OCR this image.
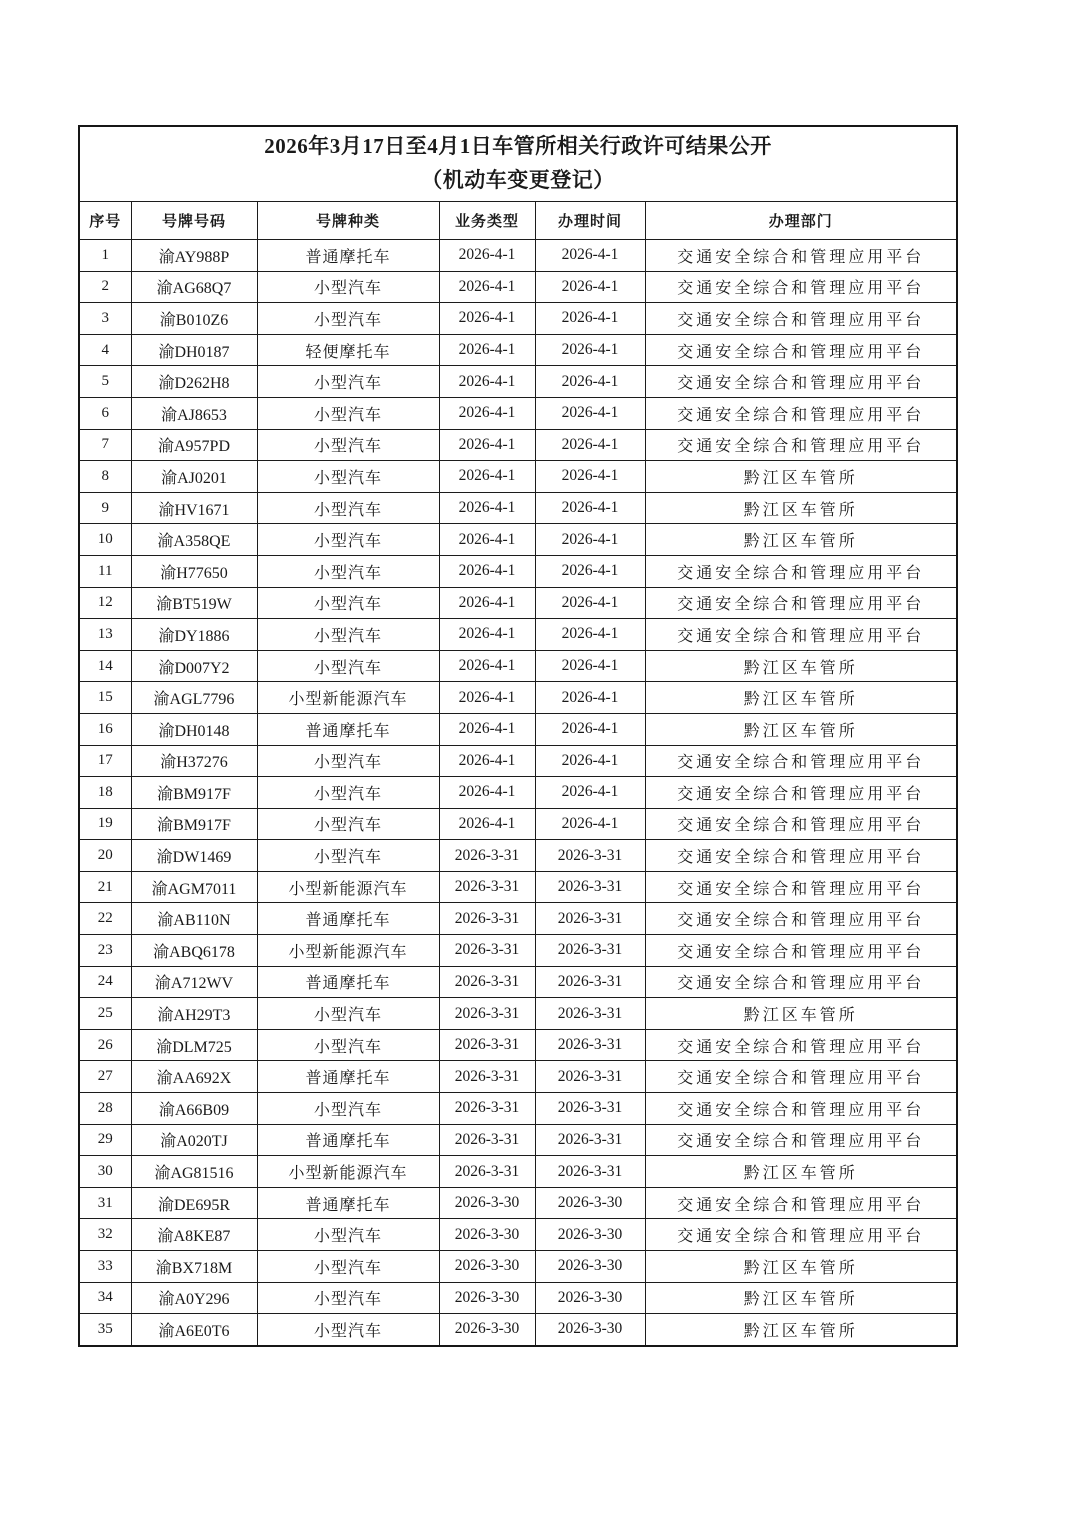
2026年3月17日至4月1日车管所相关行政许可结果公开
（机动车变更登记）					

序号	号牌号码	号牌种类	业务类型	办理时间	办理部门
1	渝AY988P	普通摩托车	2026-4-1	2026-4-1	交通安全综合和管理应用平台
2	渝AG68Q7	小型汽车	2026-4-1	2026-4-1	交通安全综合和管理应用平台
3	渝B010Z6	小型汽车	2026-4-1	2026-4-1	交通安全综合和管理应用平台
4	渝DH0187	轻便摩托车	2026-4-1	2026-4-1	交通安全综合和管理应用平台
5	渝D262H8	小型汽车	2026-4-1	2026-4-1	交通安全综合和管理应用平台
6	渝AJ8653	小型汽车	2026-4-1	2026-4-1	交通安全综合和管理应用平台
7	渝A957PD	小型汽车	2026-4-1	2026-4-1	交通安全综合和管理应用平台
8	渝AJ0201	小型汽车	2026-4-1	2026-4-1	黔江区车管所
9	渝HV1671	小型汽车	2026-4-1	2026-4-1	黔江区车管所
10	渝A358QE	小型汽车	2026-4-1	2026-4-1	黔江区车管所
11	渝H77650	小型汽车	2026-4-1	2026-4-1	交通安全综合和管理应用平台
12	渝BT519W	小型汽车	2026-4-1	2026-4-1	交通安全综合和管理应用平台
13	渝DY1886	小型汽车	2026-4-1	2026-4-1	交通安全综合和管理应用平台
14	渝D007Y2	小型汽车	2026-4-1	2026-4-1	黔江区车管所
15	渝AGL7796	小型新能源汽车	2026-4-1	2026-4-1	黔江区车管所
16	渝DH0148	普通摩托车	2026-4-1	2026-4-1	黔江区车管所
17	渝H37276	小型汽车	2026-4-1	2026-4-1	交通安全综合和管理应用平台
18	渝BM917F	小型汽车	2026-4-1	2026-4-1	交通安全综合和管理应用平台
19	渝BM917F	小型汽车	2026-4-1	2026-4-1	交通安全综合和管理应用平台
20	渝DW1469	小型汽车	2026-3-31	2026-3-31	交通安全综合和管理应用平台
21	渝AGM7011	小型新能源汽车	2026-3-31	2026-3-31	交通安全综合和管理应用平台
22	渝AB110N	普通摩托车	2026-3-31	2026-3-31	交通安全综合和管理应用平台
23	渝ABQ6178	小型新能源汽车	2026-3-31	2026-3-31	交通安全综合和管理应用平台
24	渝A712WV	普通摩托车	2026-3-31	2026-3-31	交通安全综合和管理应用平台
25	渝AH29T3	小型汽车	2026-3-31	2026-3-31	黔江区车管所
26	渝DLM725	小型汽车	2026-3-31	2026-3-31	交通安全综合和管理应用平台
27	渝AA692X	普通摩托车	2026-3-31	2026-3-31	交通安全综合和管理应用平台
28	渝A66B09	小型汽车	2026-3-31	2026-3-31	交通安全综合和管理应用平台
29	渝A020TJ	普通摩托车	2026-3-31	2026-3-31	交通安全综合和管理应用平台
30	渝AG81516	小型新能源汽车	2026-3-31	2026-3-31	黔江区车管所
31	渝DE695R	普通摩托车	2026-3-30	2026-3-30	交通安全综合和管理应用平台
32	渝A8KE87	小型汽车	2026-3-30	2026-3-30	交通安全综合和管理应用平台
33	渝BX718M	小型汽车	2026-3-30	2026-3-30	黔江区车管所
34	渝A0Y296	小型汽车	2026-3-30	2026-3-30	黔江区车管所
35	渝A6E0T6	小型汽车	2026-3-30	2026-3-30	黔江区车管所
